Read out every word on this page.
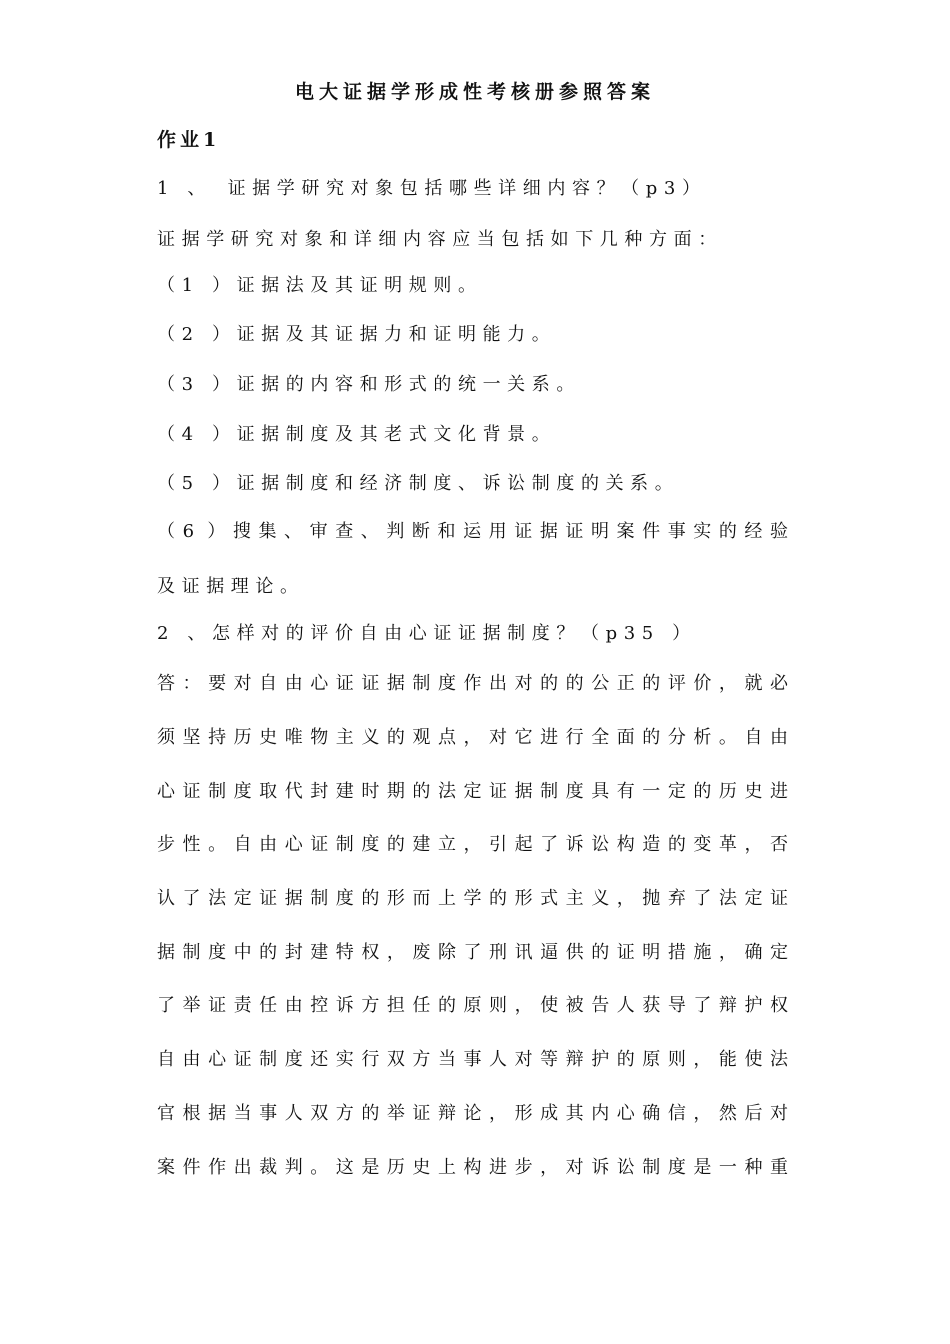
电大证据学形成性考核册参照答案
作业1
1 、　证据学研究对象包括哪些详细内容？（p3）
证据学研究对象和详细内容应当包括如下几种方面：
（1 ）证据法及其证明规则。
（2 ）证据及其证据力和证明能力。
（3 ）证据的内容和形式的统一关系。
（4 ）证据制度及其老式文化背景。
（5 ）证据制度和经济制度、诉讼制度的关系。
（6 ）搜集、审查、判断和运用证据证明案件事实的经验
及证据理论。
2 、怎样对的评价自由心证证据制度？（p35 ）
答：要对自由心证证据制度作出对的的公正的评价，就必
须坚持历史唯物主义的观点，对它进行全面的分析。自由
心证制度取代封建时期的法定证据制度具有一定的历史进
步性。自由心证制度的建立，引起了诉讼构造的变革，否
认了法定证据制度的形而上学的形式主义，抛弃了法定证
据制度中的封建特权，废除了刑讯逼供的证明措施，确定
了举证责任由控诉方担任的原则，使被告人获导了辩护权
自由心证制度还实行双方当事人对等辩护的原则，能使法
官根据当事人双方的举证辩论，形成其内心确信，然后对
案件作出裁判。这是历史上构进步，对诉讼制度是一种重
